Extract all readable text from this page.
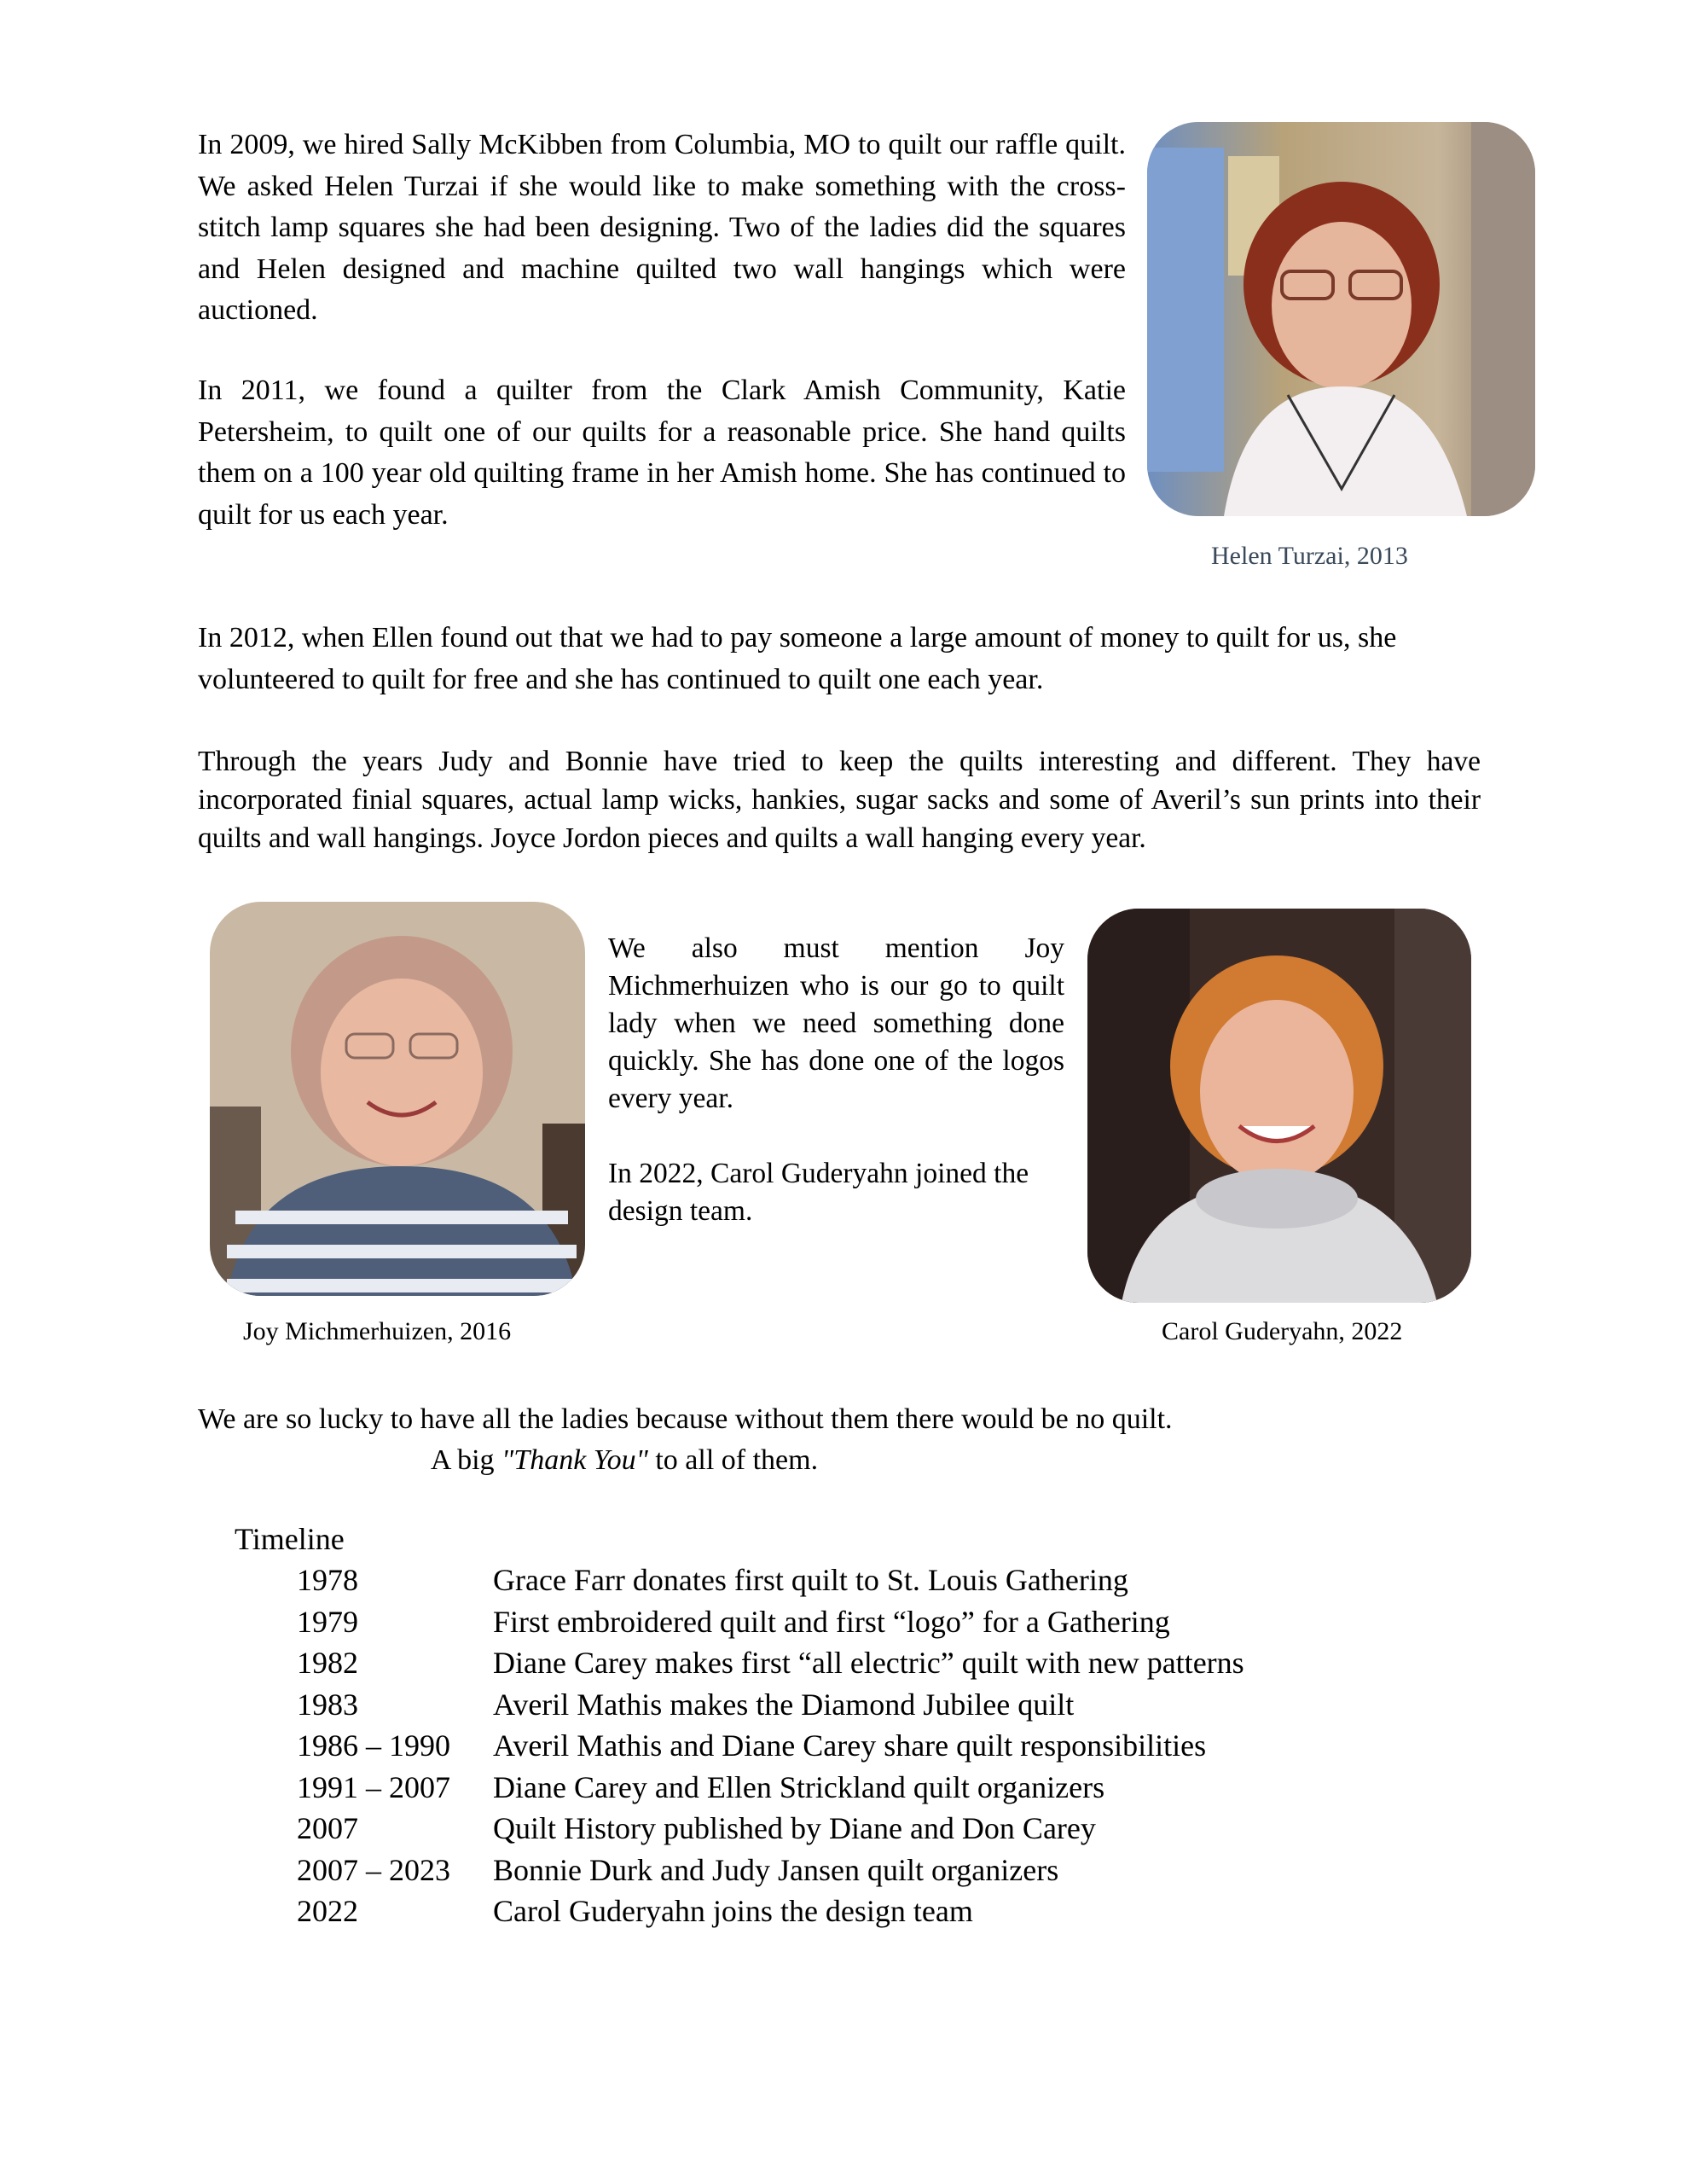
In 2009, we hired Sally McKibben from Columbia, MO to quilt our raffle quilt. We asked Helen Turzai if she would like to make something with the cross-stitch lamp squares she had been designing. Two of the ladies did the squares and Helen designed and machine quilted two wall hangings which were auctioned.

In 2011, we found a quilter from the Clark Amish Community, Katie Petersheim, to quilt one of our quilts for a reasonable price. She hand quilts them on a 100 year old quilting frame in her Amish home. She has continued to quilt for us each year.

Helen Turzai, 2013

In 2012, when Ellen found out that we had to pay someone a large amount of money to quilt for us, she volunteered to quilt for free and she has continued to quilt one each year.

Through the years Judy and Bonnie have tried to keep the quilts interesting and different. They have incorporated finial squares, actual lamp wicks, hankies, sugar sacks and some of Averil’s sun prints into their quilts and wall hangings. Joyce Jordon pieces and quilts a wall hanging every year.

Joy Michmerhuizen, 2016

We also must mention Joy Michmerhuizen who is our go to quilt lady when we need something done quickly. She has done one of the logos every year.

In 2022, Carol Guderyahn joined the design team.

Carol Guderyahn, 2022

We are so lucky to have all the ladies because without them there would be no quilt.

A big "Thank You" to all of them.

Timeline
1978	Grace Farr donates first quilt to St. Louis Gathering
1979	First embroidered quilt and first “logo” for a Gathering
1982	Diane Carey makes first “all electric” quilt with new patterns
1983	Averil Mathis makes the Diamond Jubilee quilt
1986 – 1990 Averil Mathis and Diane Carey share quilt responsibilities
1991 – 2007 Diane Carey and Ellen Strickland quilt organizers
2007	Quilt History published by Diane and Don Carey
2007 – 2023 Bonnie Durk and Judy Jansen quilt organizers
2022	Carol Guderyahn joins the design team
